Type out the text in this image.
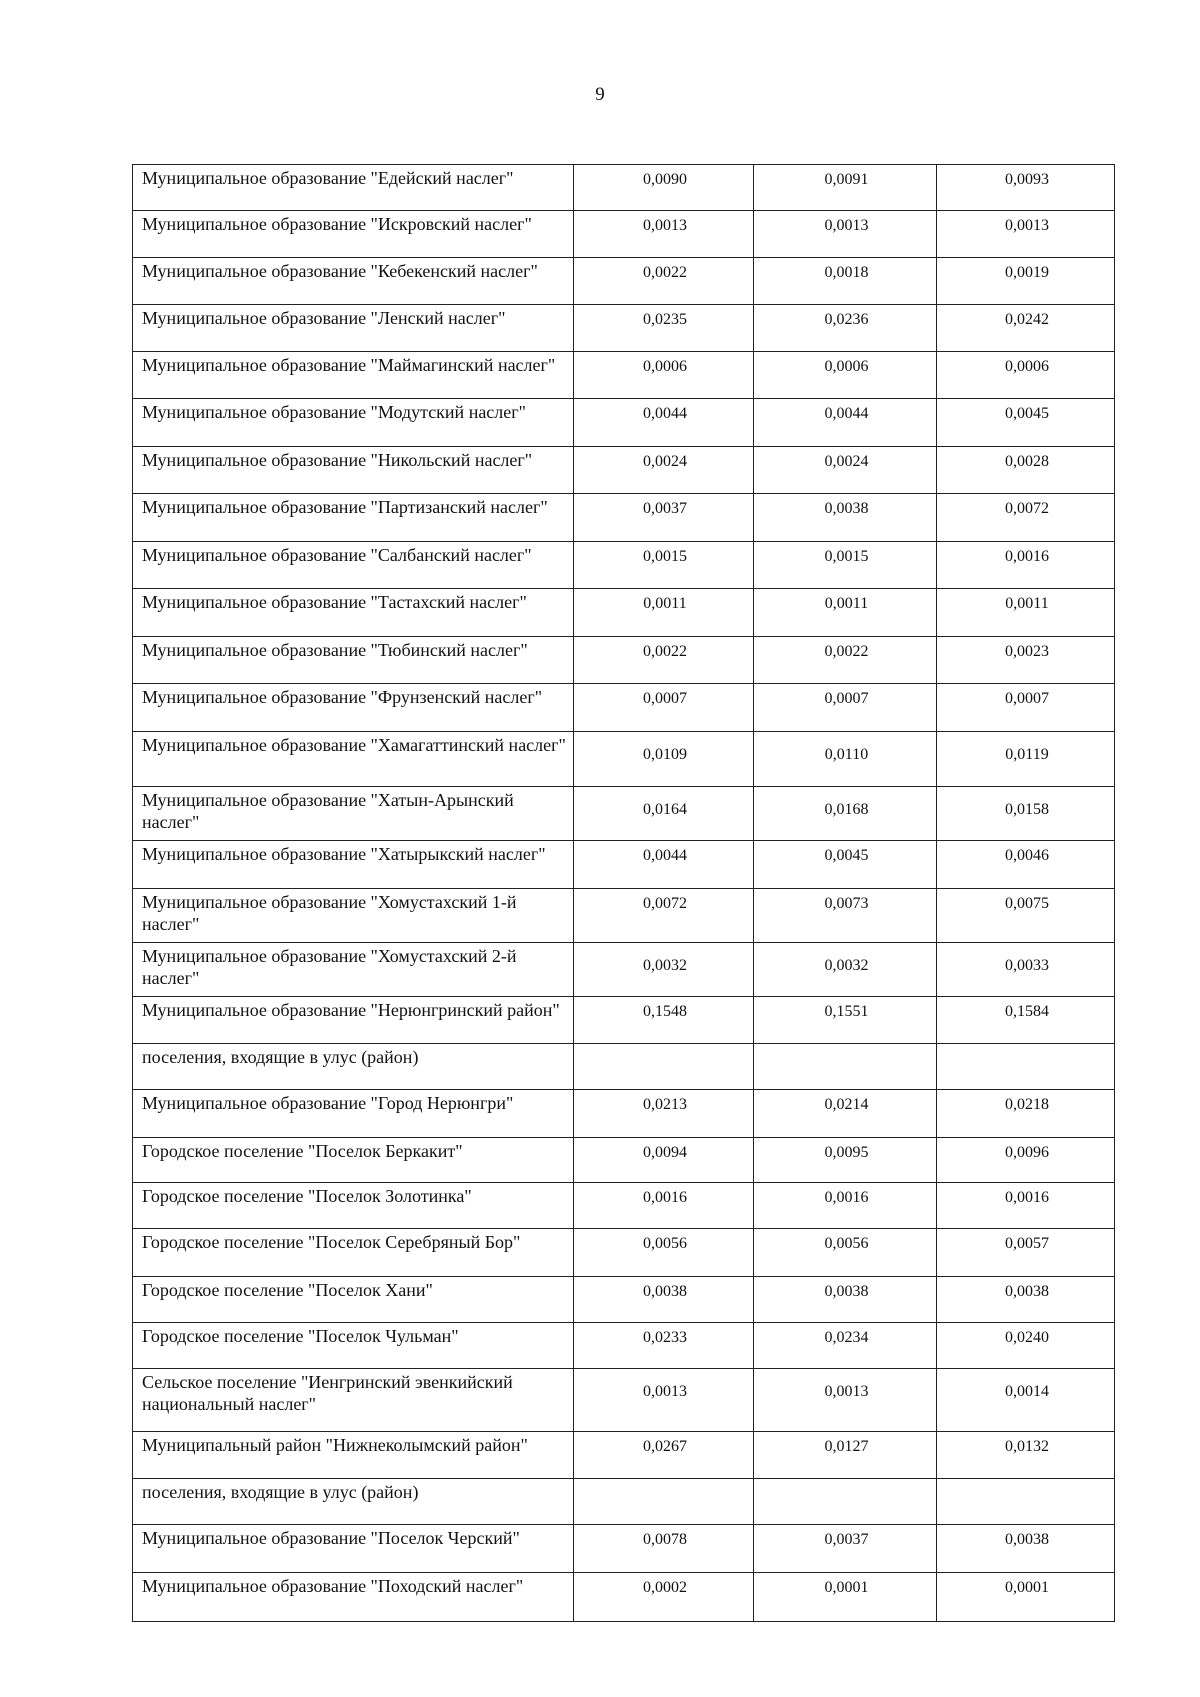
9
Муниципальное образование "Едейский наслег"	0,0090	0,0091	0,0093
Муниципальное образование "Искровский наслег"	0,0013	0,0013	0,0013
Муниципальное образование "Кебекенский наслег"	0,0022	0,0018	0,0019
Муниципальное образование "Ленский наслег"	0,0235	0,0236	0,0242
Муниципальное образование "Маймагинский наслег"	0,0006	0,0006	0,0006
Муниципальное образование "Модутский наслег"	0,0044	0,0044	0,0045
Муниципальное образование "Никольский наслег"	0,0024	0,0024	0,0028
Муниципальное образование "Партизанский наслег"	0,0037	0,0038	0,0072
Муниципальное образование "Салбанский наслег"	0,0015	0,0015	0,0016
Муниципальное образование "Тастахский наслег"	0,0011	0,0011	0,0011
Муниципальное образование "Тюбинский наслег"	0,0022	0,0022	0,0023
Муниципальное образование "Фрунзенский наслег"	0,0007	0,0007	0,0007
Муниципальное образование "Хамагаттинский наслег"	0,0109	0,0110	0,0119
Муниципальное образование "Хатын-Арынский наслег"	0,0164	0,0168	0,0158
Муниципальное образование "Хатырыкский наслег"	0,0044	0,0045	0,0046
Муниципальное образование "Хомустахский 1-й наслег"	0,0072	0,0073	0,0075
Муниципальное образование "Хомустахский 2-й наслег"	0,0032	0,0032	0,0033
Муниципальное образование "Нерюнгринский район"	0,1548	0,1551	0,1584
поселения, входящие в улус (район)			
Муниципальное образование "Город Нерюнгри"	0,0213	0,0214	0,0218
Городское поселение "Поселок Беркакит"	0,0094	0,0095	0,0096
Городское поселение "Поселок Золотинка"	0,0016	0,0016	0,0016
Городское поселение "Поселок Серебряный Бор"	0,0056	0,0056	0,0057
Городское поселение "Поселок Хани"	0,0038	0,0038	0,0038
Городское поселение "Поселок Чульман"	0,0233	0,0234	0,0240
Сельское поселение "Иенгринский эвенкийский национальный наслег"	0,0013	0,0013	0,0014
Муниципальный район "Нижнеколымский район"	0,0267	0,0127	0,0132
поселения, входящие в улус (район)			
Муниципальное образование "Поселок Черский"	0,0078	0,0037	0,0038
Муниципальное образование "Походский наслег"	0,0002	0,0001	0,0001
